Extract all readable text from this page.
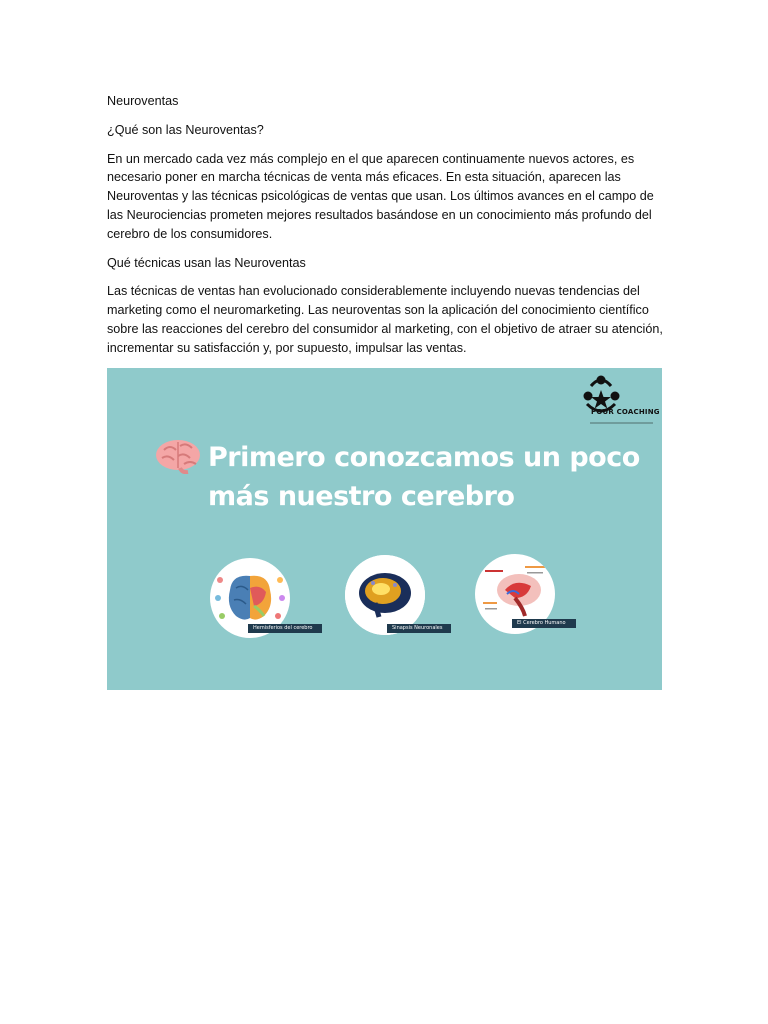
Neuroventas

¿Qué son las Neuroventas?

En un mercado cada vez más complejo en el que aparecen continuamente nuevos actores, es necesario poner en marcha técnicas de venta más eficaces. En esta situación, aparecen las Neuroventas y las técnicas psicológicas de ventas que usan. Los últimos avances en el campo de las Neurociencias prometen mejores resultados basándose en un conocimiento más profundo del cerebro de los consumidores.

Qué técnicas usan las Neuroventas

Las técnicas de ventas han evolucionado considerablemente incluyendo nuevas tendencias del marketing como el neuromarketing. Las neuroventas son la aplicación del conocimiento científico sobre las reacciones del cerebro del consumidor al marketing, con el objetivo de atraer su atención, incrementar su satisfacción y, por supuesto, impulsar las ventas.

POUR COACHING
Primero conozcamos un poco
más nuestro cerebro
Hemisferios del cerebro	Sinapsis Neuronales
El Cerebro Humano
